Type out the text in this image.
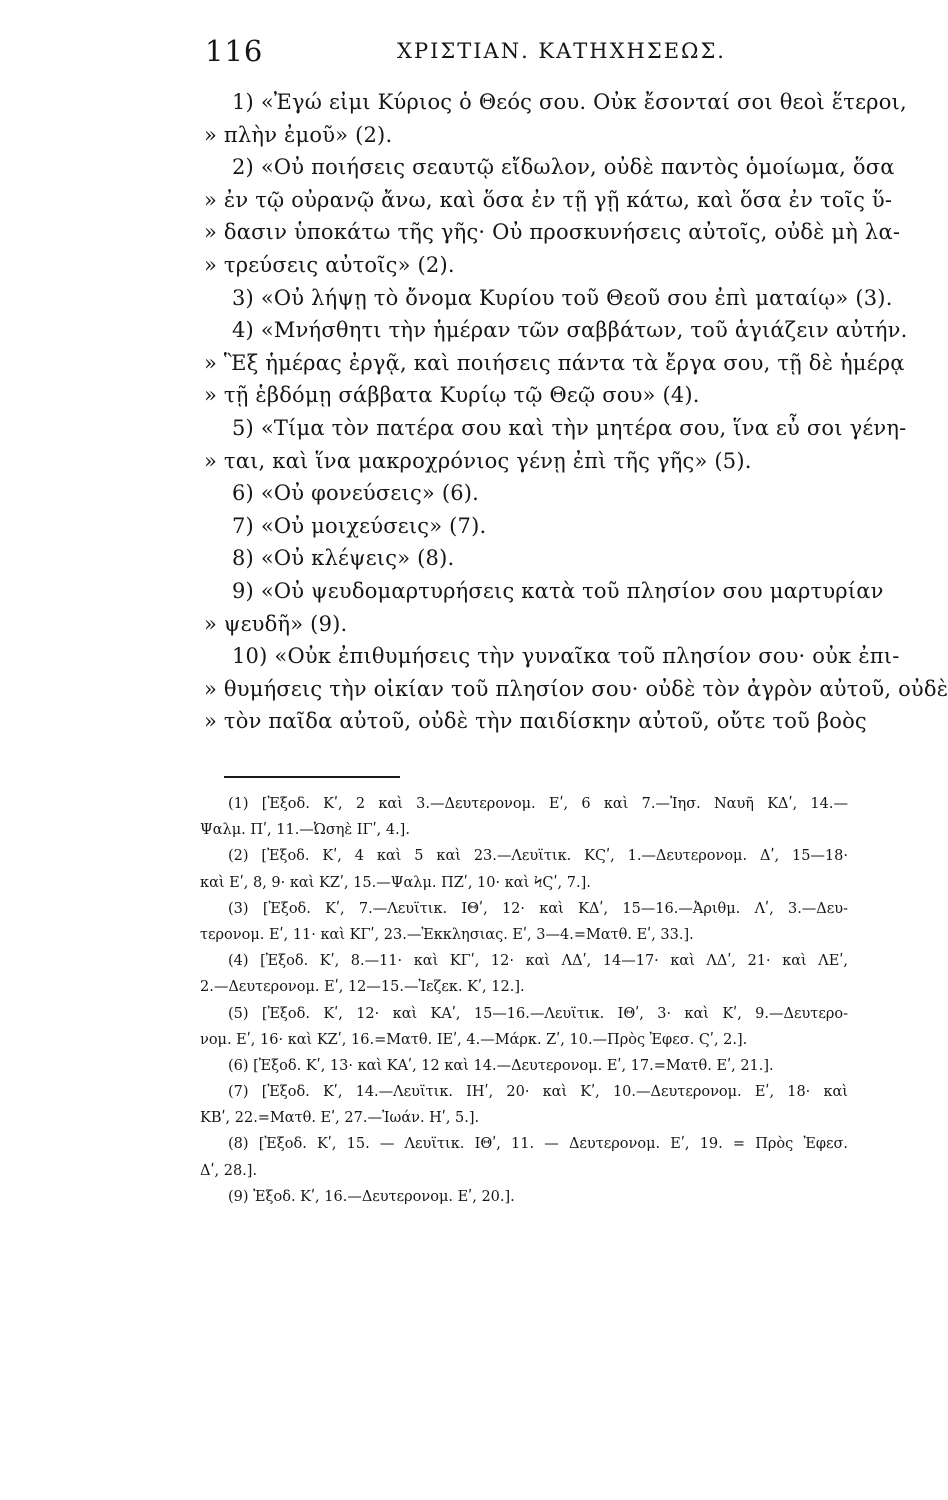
116	ΧΡΙΣΤΙΑΝ. ΚΑΤΗΧΗΣΕΩΣ.
1) «Ἐγώ εἰμι Κύριος ὁ Θεός σου. Οὐκ ἔσονταί σοι θεοὶ ἕτεροι,
» πλὴν ἐμοῦ» (2).
2) «Οὐ ποιήσεις σεαυτῷ εἴδωλον, οὐδὲ παντὸς ὁμοίωμα, ὅσα
» ἐν τῷ οὐρανῷ ἄνω, καὶ ὅσα ἐν τῇ γῇ κάτω, καὶ ὅσα ἐν τοῖς ὕ-
» δασιν ὑποκάτω τῆς γῆς· Οὐ προσκυνήσεις αὐτοῖς, οὐδὲ μὴ λα-
» τρεύσεις αὐτοῖς» (2).
3) «Οὐ λήψῃ τὸ ὄνομα Κυρίου τοῦ Θεοῦ σου ἐπὶ ματαίῳ» (3).
4) «Μνήσθητι τὴν ἡμέραν τῶν σαββάτων, τοῦ ἁγιάζειν αὐτήν.
» Ἓξ ἡμέρας ἐργᾷ, καὶ ποιήσεις πάντα τὰ ἔργα σου, τῇ δὲ ἡμέρᾳ
» τῇ ἑβδόμῃ σάββατα Κυρίῳ τῷ Θεῷ σου» (4).
5) «Τίμα τὸν πατέρα σου καὶ τὴν μητέρα σου, ἵνα εὖ σοι γένη-
» ται, καὶ ἵνα μακροχρόνιος γένῃ ἐπὶ τῆς γῆς» (5).
6) «Οὐ φονεύσεις» (6).
7) «Οὐ μοιχεύσεις» (7).
8) «Οὐ κλέψεις» (8).
9) «Οὐ ψευδομαρτυρήσεις κατὰ τοῦ πλησίον σου μαρτυρίαν
» ψευδῆ» (9).
10) «Οὐκ ἐπιθυμήσεις τὴν γυναῖκα τοῦ πλησίον σου· οὐκ ἐπι-
» θυμήσεις τὴν οἰκίαν τοῦ πλησίον σου· οὐδὲ τὸν ἀγρὸν αὐτοῦ, οὐδὲ
» τὸν παῖδα αὐτοῦ, οὐδὲ τὴν παιδίσκην αὐτοῦ, οὔτε τοῦ βοὸς
(1) [Ἐξοδ. Κʹ, 2 καὶ 3.—Δευτερονομ. Εʹ, 6 καὶ 7.—Ἰησ. Ναυῆ ΚΔʹ, 14.—
Ψαλμ. Πʹ, 11.—Ὠσηὲ ΙΓʹ, 4.].
(2) [Ἐξοδ. Κʹ, 4 καὶ 5 καὶ 23.—Λευϊτικ. ΚϚʹ, 1.—Δευτερονομ. Δʹ, 15—18·
καὶ Εʹ, 8, 9· καὶ ΚΖʹ, 15.—Ψαλμ. ΠΖʹ, 10· καὶ ϞϚʹ, 7.].
(3) [Ἐξοδ. Κʹ, 7.—Λευϊτικ. ΙΘʹ, 12· καὶ ΚΔʹ, 15—16.—Ἀριθμ. Λʹ, 3.—Δευ-
τερονομ. Εʹ, 11· καὶ ΚΓʹ, 23.—Ἐκκλησιας. Εʹ, 3—4.=Ματθ. Εʹ, 33.].
(4) [Ἐξοδ. Κʹ, 8.—11· καὶ ΚΓʹ, 12· καὶ ΛΔʹ, 14—17· καὶ ΛΔʹ, 21· καὶ ΛΕʹ,
2.—Δευτερονομ. Εʹ, 12—15.—Ἰεζεκ. Κʹ, 12.].
(5) [Ἐξοδ. Κʹ, 12· καὶ ΚΑʹ, 15—16.—Λευϊτικ. ΙΘʹ, 3· καὶ Κʹ, 9.—Δευτερο-
νομ. Εʹ, 16· καὶ ΚΖʹ, 16.=Ματθ. ΙΕʹ, 4.—Μάρκ. Ζʹ, 10.—Πρὸς Ἐφεσ. Ϛʹ, 2.].
(6) [Ἐξοδ. Κʹ, 13· καὶ ΚΑʹ, 12 καὶ 14.—Δευτερονομ. Εʹ, 17.=Ματθ. Εʹ, 21.].
(7) [Ἐξοδ. Κʹ, 14.—Λευϊτικ. ΙΗʹ, 20· καὶ Κʹ, 10.—Δευτερονομ. Εʹ, 18· καὶ
ΚΒʹ, 22.=Ματθ. Εʹ, 27.—Ἰωάν. Ηʹ, 5.].
(8) [Ἐξοδ. Κʹ, 15. — Λευϊτικ. ΙΘʹ, 11. — Δευτερονομ. Εʹ, 19. = Πρὸς Ἐφεσ.
Δʹ, 28.].
(9) Ἐξοδ. Κʹ, 16.—Δευτερονομ. Εʹ, 20.].
